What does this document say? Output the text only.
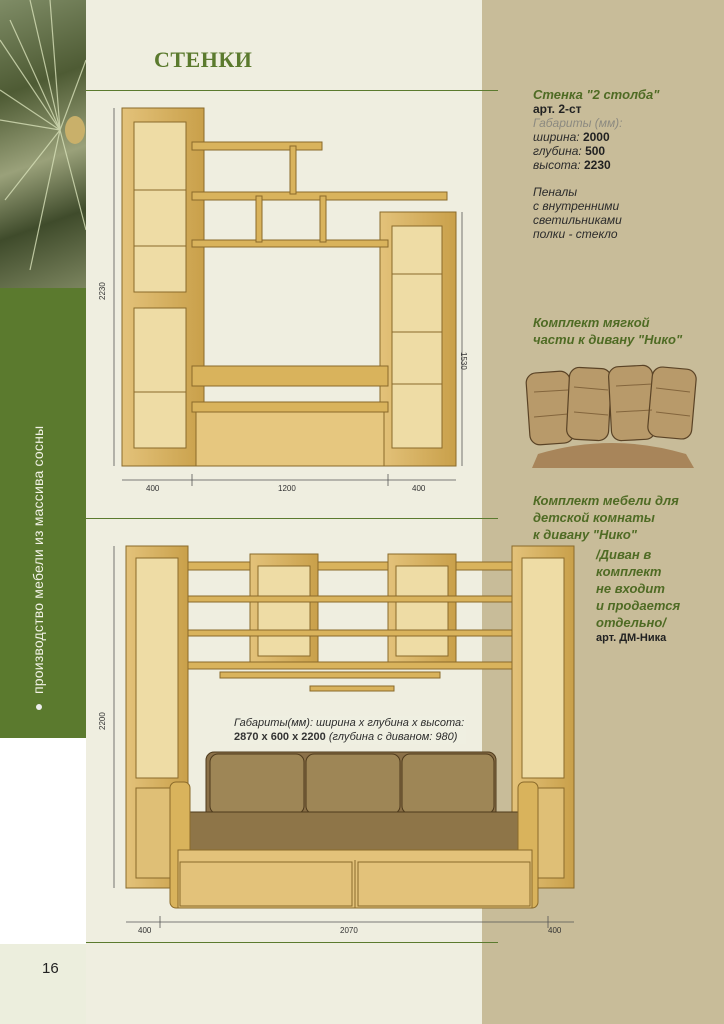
16
производство мебели из массива сосны
СТЕНКИ
Стенка "2 столба"
арт. 2-ст
Габариты (мм):
ширина: 2000
глубина: 500
высота: 2230
Пеналы
с внутренними
светильниками
полки - стекло
Комплект мягкой
части к дивану "Нико"
Комплект мебели для
детской комнаты
к дивану "Нико"
/Диван в
комплект
не входит
и продается
отдельно/
арт. ДМ-Ника
2230
1530
400	1200	400
2200
400	2070	400
Габариты(мм): ширина x глубина x высота:
2870 x 600 x 2200 (глубина с диваном: 980)
